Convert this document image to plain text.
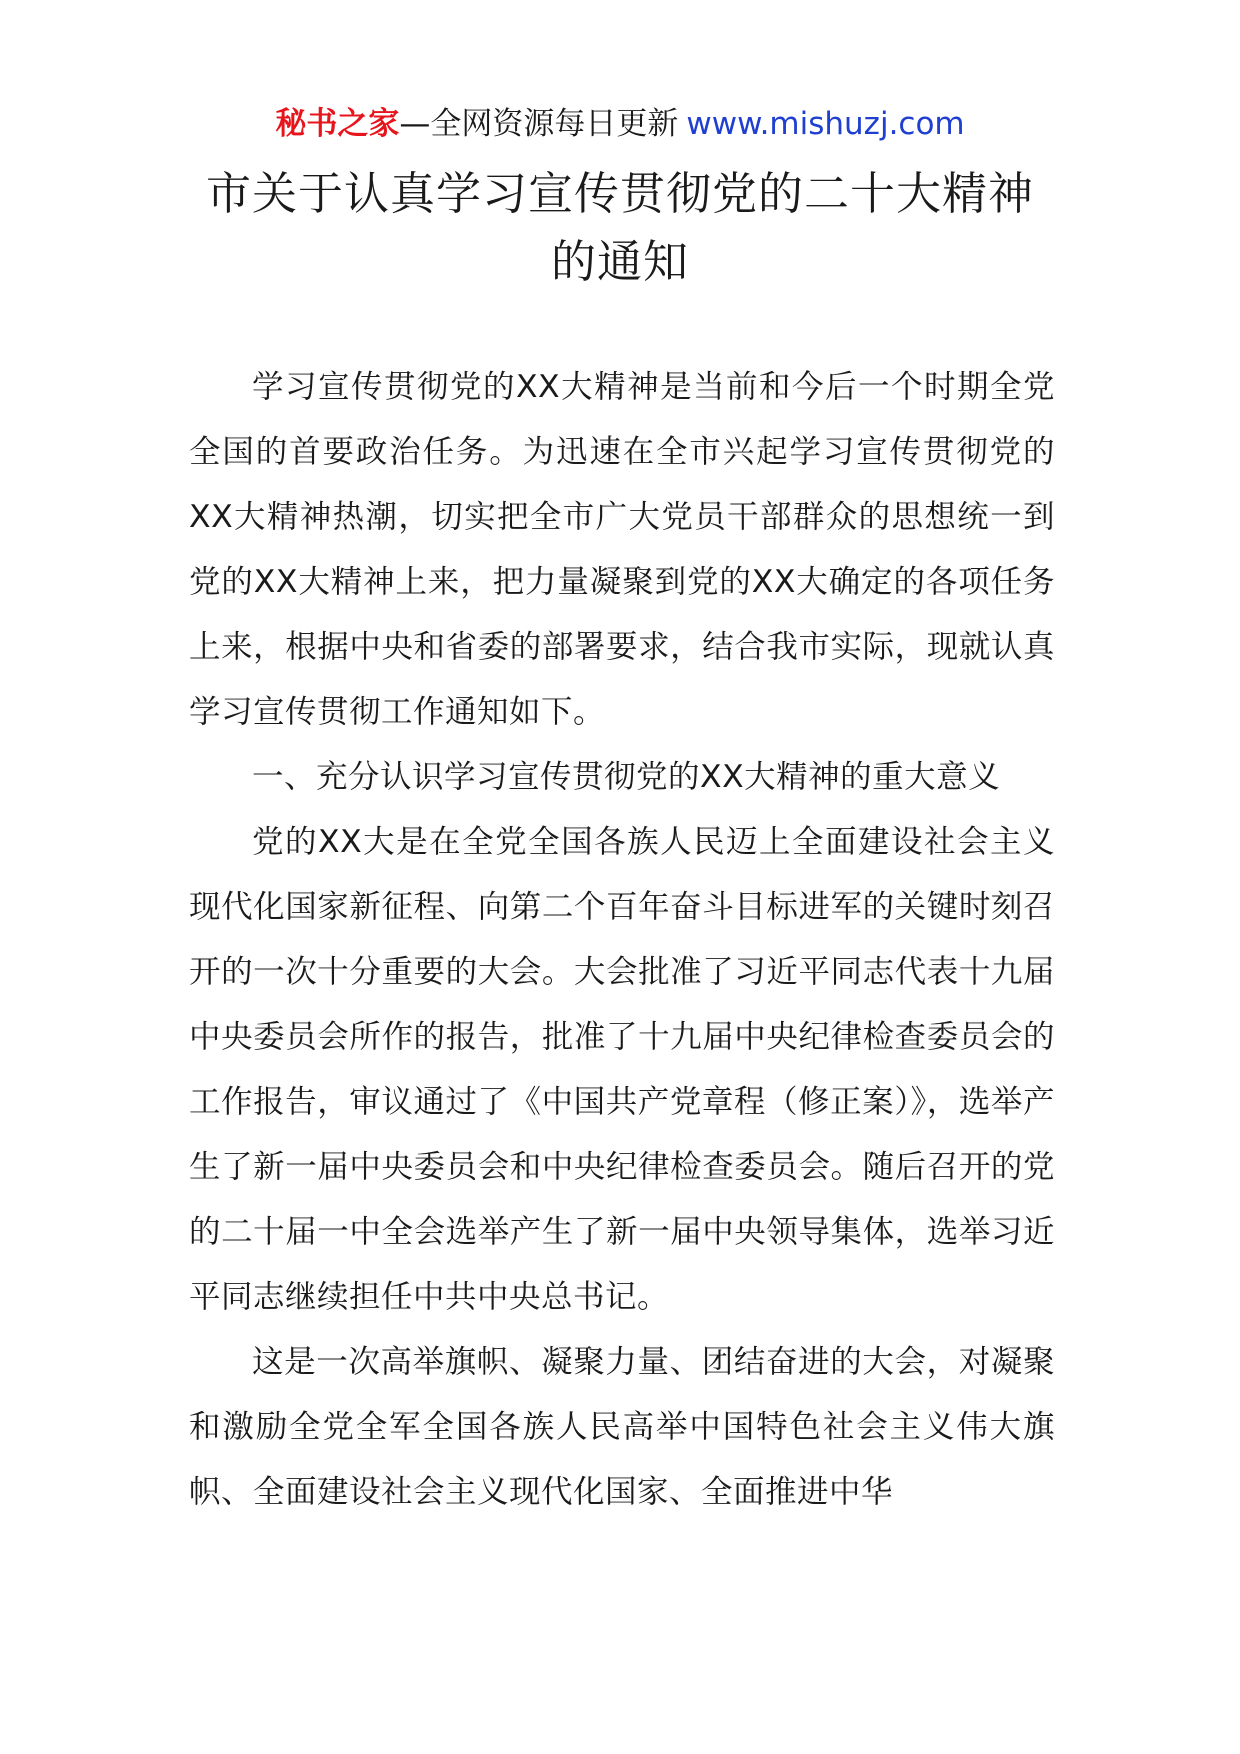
秘书之家—全网资源每日更新 www.mishuzj.com
市关于认真学习宣传贯彻党的二十大精神
的通知

学习宣传贯彻党的XX大精神是当前和今后一个时期全党全国的首要政治任务。为迅速在全市兴起学习宣传贯彻党的XX大精神热潮，切实把全市广大党员干部群众的思想统一到党的XX大精神上来，把力量凝聚到党的XX大确定的各项任务上来，根据中央和省委的部署要求，结合我市实际，现就认真学习宣传贯彻工作通知如下。

一、充分认识学习宣传贯彻党的XX大精神的重大意义

党的XX大是在全党全国各族人民迈上全面建设社会主义现代化国家新征程、向第二个百年奋斗目标进军的关键时刻召开的一次十分重要的大会。大会批准了习近平同志代表十九届中央委员会所作的报告，批准了十九届中央纪律检查委员会的工作报告，审议通过了《中国共产党章程（修正案）》，选举产生了新一届中央委员会和中央纪律检查委员会。随后召开的党的二十届一中全会选举产生了新一届中央领导集体，选举习近平同志继续担任中共中央总书记。

这是一次高举旗帜、凝聚力量、团结奋进的大会，对凝聚和激励全党全军全国各族人民高举中国特色社会主义伟大旗帜、全面建设社会主义现代化国家、全面推进中华
